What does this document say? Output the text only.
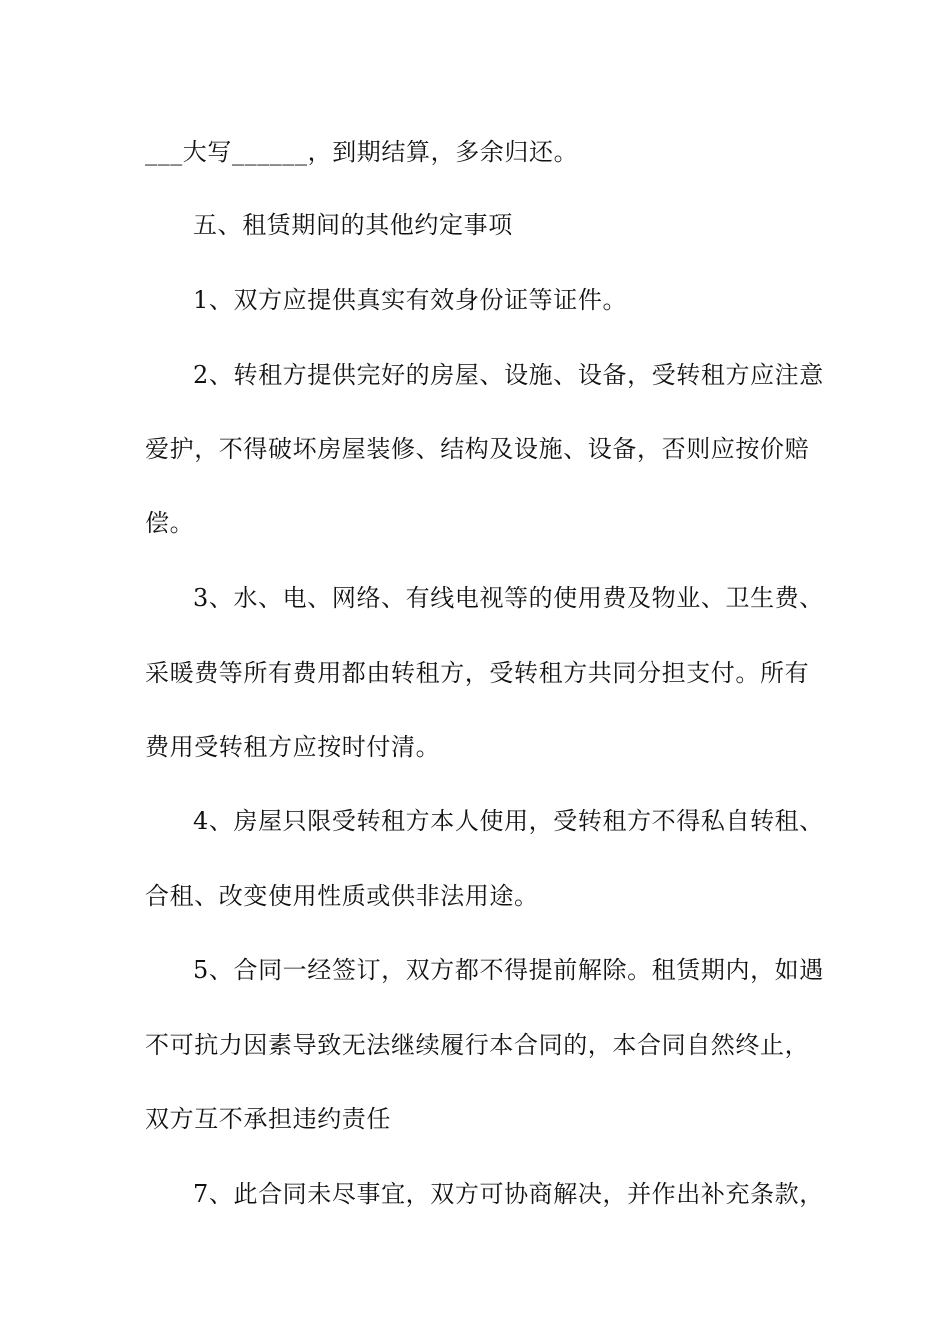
___大写______，到期结算，多余归还。
五、租赁期间的其他约定事项
1、双方应提供真实有效身份证等证件。
2、转租方提供完好的房屋、设施、设备，受转租方应注意
爱护，不得破坏房屋装修、结构及设施、设备，否则应按价赔
偿。
3、水、电、网络、有线电视等的使用费及物业、卫生费、
采暖费等所有费用都由转租方，受转租方共同分担支付。所有
费用受转租方应按时付清。
4、房屋只限受转租方本人使用，受转租方不得私自转租、
合租、改变使用性质或供非法用途。
5、合同一经签订，双方都不得提前解除。租赁期内，如遇
不可抗力因素导致无法继续履行本合同的，本合同自然终止，
双方互不承担违约责任
7、此合同未尽事宜，双方可协商解决，并作出补充条款，
